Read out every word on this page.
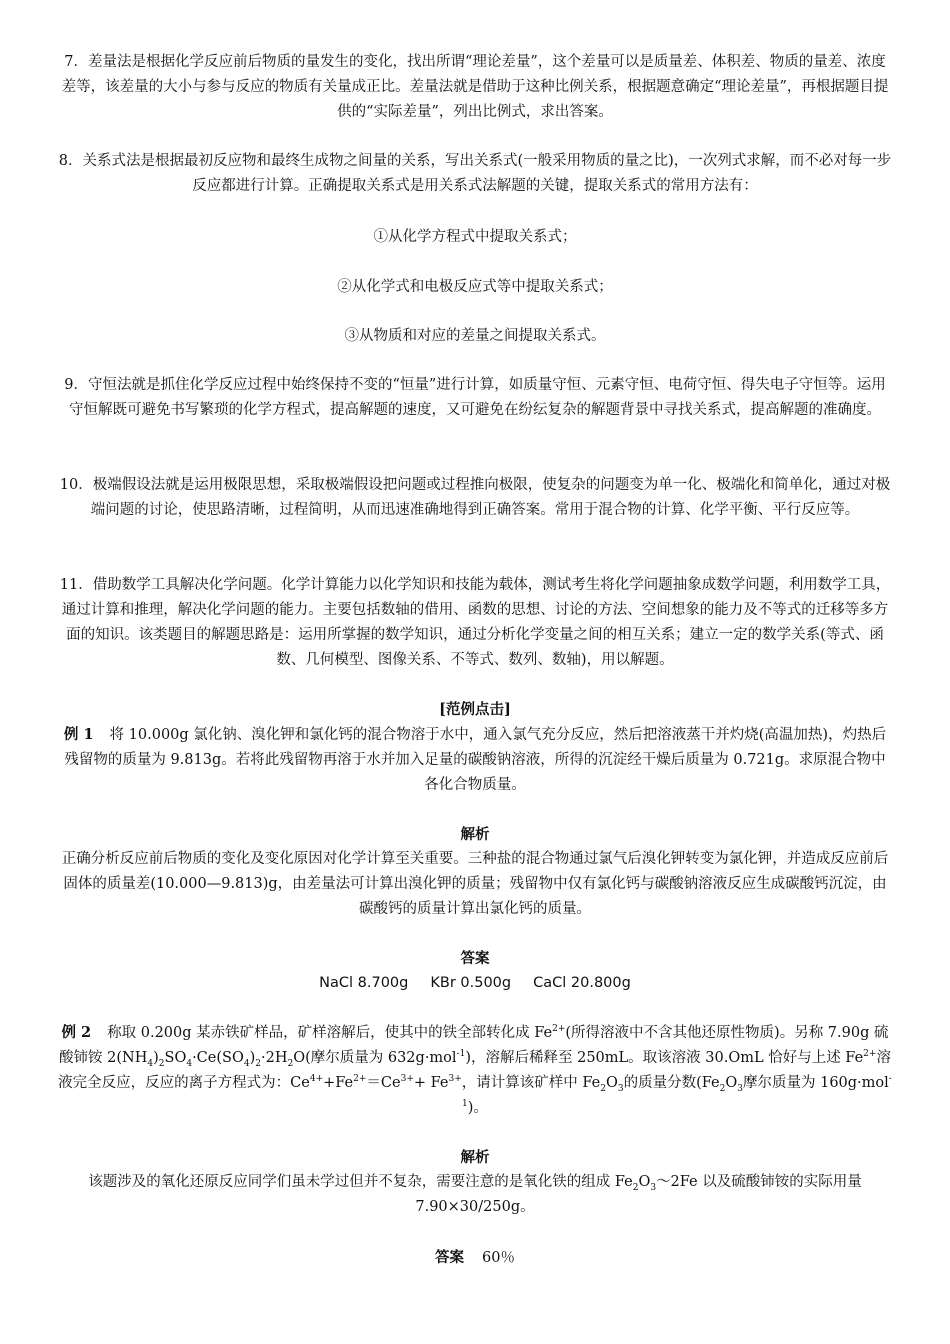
7．差量法是根据化学反应前后物质的量发生的变化，找出所谓“理论差量”，这个差量可以是质量差、体积差、物质的量差、浓度差等，该差量的大小与参与反应的物质有关量成正比。差量法就是借助于这种比例关系，根据题意确定“理论差量”，再根据题目提供的“实际差量”，列出比例式，求出答案。

8．关系式法是根据最初反应物和最终生成物之间量的关系，写出关系式(一般采用物质的量之比)，一次列式求解，而不必对每一步反应都进行计算。正确提取关系式是用关系式法解题的关键，提取关系式的常用方法有：

①从化学方程式中提取关系式；

②从化学式和电极反应式等中提取关系式；

③从物质和对应的差量之间提取关系式。

9．守恒法就是抓住化学反应过程中始终保持不变的“恒量”进行计算，如质量守恒、元素守恒、电荷守恒、得失电子守恒等。运用守恒解既可避免书写繁琐的化学方程式，提高解题的速度，又可避免在纷纭复杂的解题背景中寻找关系式，提高解题的准确度。

10．极端假设法就是运用极限思想，采取极端假设把问题或过程推向极限，使复杂的问题变为单一化、极端化和简单化，通过对极端问题的讨论，使思路清晰，过程简明，从而迅速准确地得到正确答案。常用于混合物的计算、化学平衡、平行反应等。

11．借助数学工具解决化学问题。化学计算能力以化学知识和技能为载体，测试考生将化学问题抽象成数学问题，利用数学工具，通过计算和推理，解决化学问题的能力。主要包括数轴的借用、函数的思想、讨论的方法、空间想象的能力及不等式的迁移等多方面的知识。该类题目的解题思路是：运用所掌握的数学知识，通过分析化学变量之间的相互关系；建立一定的数学关系(等式、函数、几何模型、图像关系、不等式、数列、数轴)，用以解题。

[范例点击]

例 1 将 10.000g 氯化钠、溴化钾和氯化钙的混合物溶于水中，通入氯气充分反应，然后把溶液蒸干并灼烧(高温加热)，灼热后残留物的质量为 9.813g。若将此残留物再溶于水并加入足量的碳酸钠溶液，所得的沉淀经干燥后质量为 0.721g。求原混合物中各化合物质量。

解析

正确分析反应前后物质的变化及变化原因对化学计算至关重要。三种盐的混合物通过氯气后溴化钾转变为氯化钾，并造成反应前后固体的质量差(10.000—9.813)g，由差量法可计算出溴化钾的质量；残留物中仅有氯化钙与碳酸钠溶液反应生成碳酸钙沉淀，由碳酸钙的质量计算出氯化钙的质量。

答案

NaCl 8.700g KBr 0.500g CaCl 20.800g

例 2 称取 0.200g 某赤铁矿样品，矿样溶解后，使其中的铁全部转化成 $Fe^{2+}$(所得溶液中不含其他还原性物质)。另称 7.90g 硫酸铈铵 $2(NH_4)_2SO_4\cdot Ce(SO_4)_2\cdot 2H_2O$(摩尔质量为 632g·mol$^{-1}$)，溶解后稀释至 250mL。取该溶液 30.OmL 恰好与上述 $Fe^{2+}$溶液完全反应，反应的离子方程式为：$Ce^{4+}+Fe^{2+}=Ce^{3+}+ Fe^{3+}$，请计算该矿样中 $Fe_2O_3$的质量分数($Fe_2O_3$摩尔质量为 160g·mol$^{-1}$)。

解析

该题涉及的氧化还原反应同学们虽未学过但并不复杂，需要注意的是氧化铁的组成 $Fe_2O_3\sim 2Fe$ 以及硫酸铈铵的实际用量 7.90×30/250g。

答案 60％
